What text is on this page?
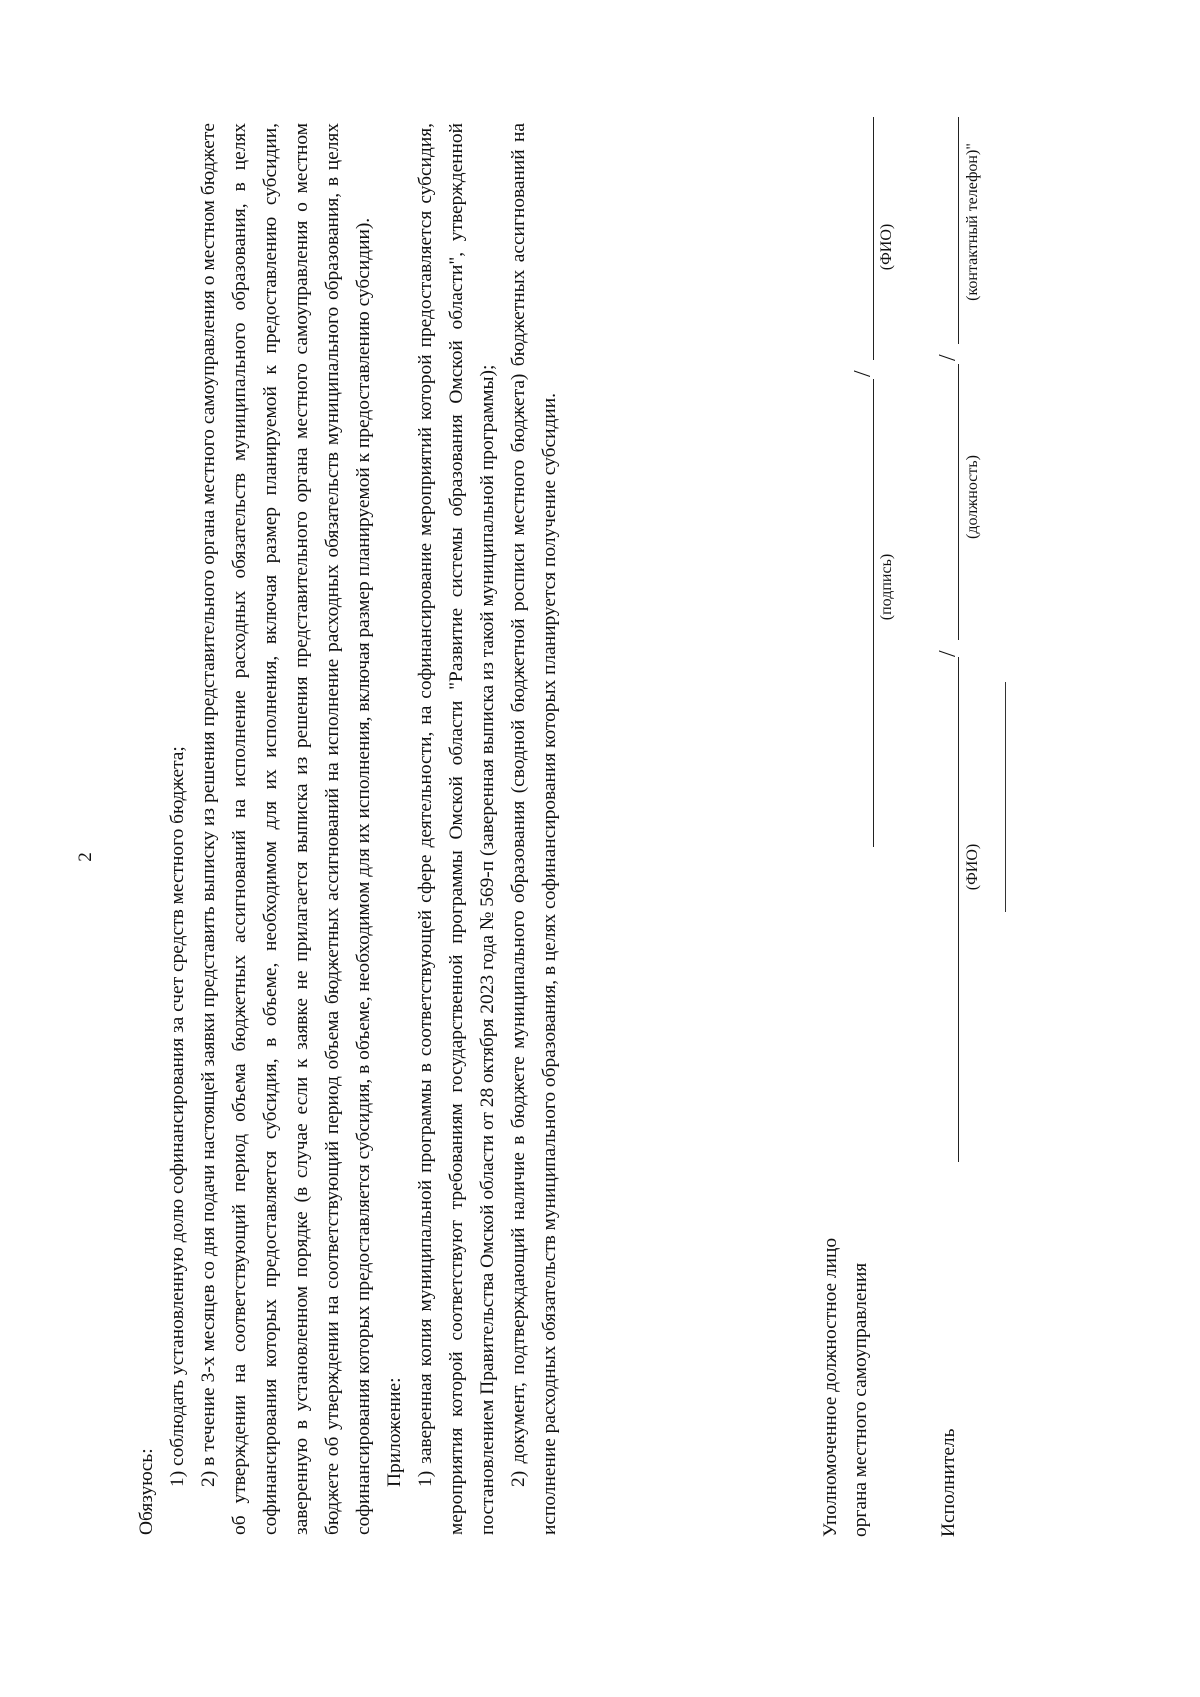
2

Обязуюсь:

1) соблюдать установленную долю софинансирования за счет средств местного бюджета; 2) в течение 3-х месяцев со дня подачи настоящей заявки представить выписку из решения представительного органа местного самоуправления о местном бюджете об утверждении на соответствующий период объема бюджетных ассигнований на исполнение расходных обязательств муниципального образования, в целях софинансирования которых предоставляется субсидия, в объеме, необходимом для их исполнения, включая размер планируемой к предоставлению субсидии, заверенную в установленном порядке (в случае если к заявке не прилагается выписка из решения представительного органа местного самоуправления о местном бюджете об утверждении на соответствующий период объема бюджетных ассигнований на исполнение расходных обязательств муниципального образования, в целях софинансирования которых предоставляется субсидия, в объеме, необходимом для их исполнения, включая размер планируемой к предоставлению субсидии). Приложение: 1) заверенная копия муниципальной программы в соответствующей сфере деятельности, на софинансирование мероприятий которой предоставляется субсидия, мероприятия которой соответствуют требованиям государственной программы Омской области "Развитие системы образования Омской области", утвержденной постановлением Правительства Омской области от 28 октября 2023 года № 569-п (заверенная выписка из такой муниципальной программы); 2) документ, подтверждающий наличие в бюджете муниципального образования (сводной бюджетной росписи местного бюджета) бюджетных ассигнований на исполнение расходных обязательств муниципального образования, в целях софинансирования которых планируется получение субсидии.	Уполномоченное должностное лицо органа местного самоуправления
/
(подпись)
(ФИО)
Исполнитель
/
/
(ФИО)
(должность)
(контактный телефон)"
